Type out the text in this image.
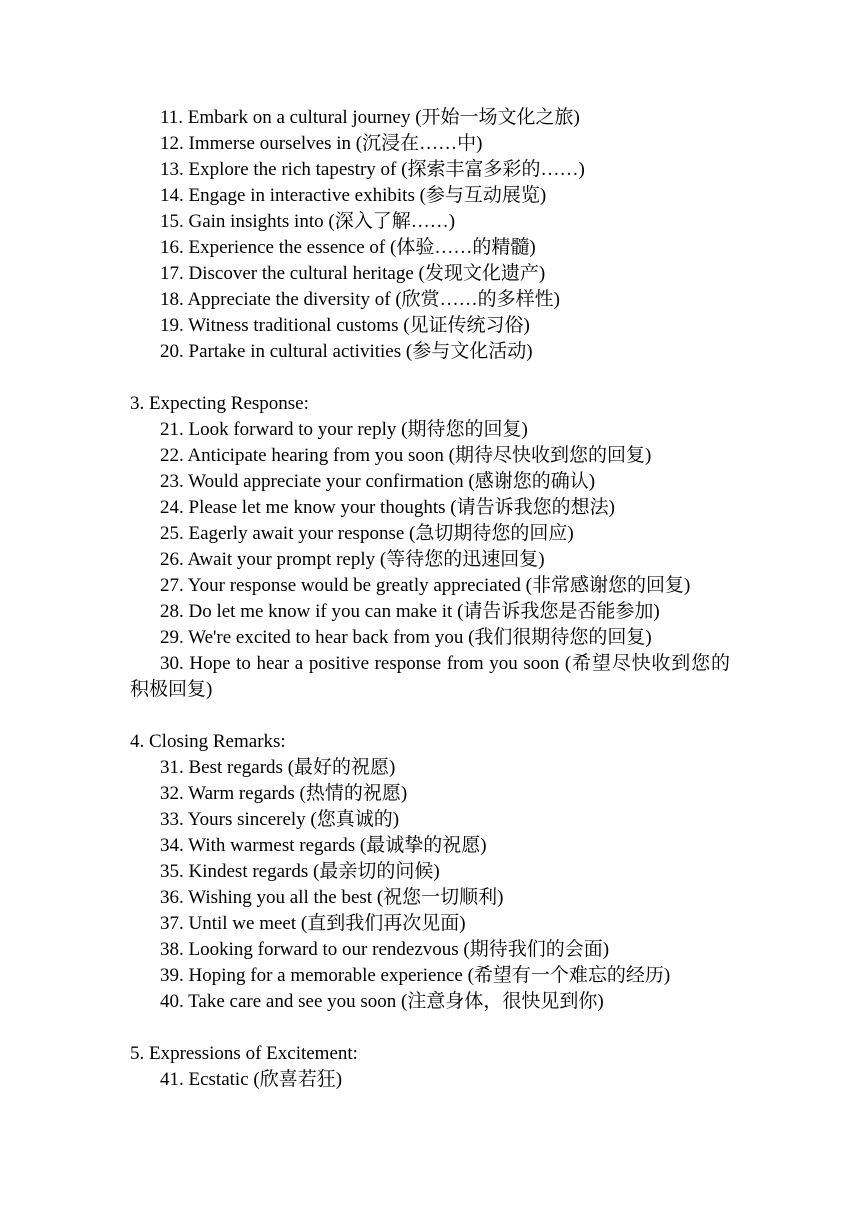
11. Embark on a cultural journey (开始一场文化之旅)
12. Immerse ourselves in (沉浸在……中)
13. Explore the rich tapestry of (探索丰富多彩的……)
14. Engage in interactive exhibits (参与互动展览)
15. Gain insights into (深入了解……)
16. Experience the essence of (体验……的精髓)
17. Discover the cultural heritage (发现文化遗产)
18. Appreciate the diversity of (欣赏……的多样性)
19. Witness traditional customs (见证传统习俗)
20. Partake in cultural activities (参与文化活动)
3. Expecting Response:
21. Look forward to your reply (期待您的回复)
22. Anticipate hearing from you soon (期待尽快收到您的回复)
23. Would appreciate your confirmation (感谢您的确认)
24. Please let me know your thoughts (请告诉我您的想法)
25. Eagerly await your response (急切期待您的回应)
26. Await your prompt reply (等待您的迅速回复)
27. Your response would be greatly appreciated (非常感谢您的回复)
28. Do let me know if you can make it (请告诉我您是否能参加)
29. We're excited to hear back from you (我们很期待您的回复)
30. Hope to hear a positive response from you soon (希望尽快收到您的积极回复)
4. Closing Remarks:
31. Best regards (最好的祝愿)
32. Warm regards (热情的祝愿)
33. Yours sincerely (您真诚的)
34. With warmest regards (最诚挚的祝愿)
35. Kindest regards (最亲切的问候)
36. Wishing you all the best (祝您一切顺利)
37. Until we meet (直到我们再次见面)
38. Looking forward to our rendezvous (期待我们的会面)
39. Hoping for a memorable experience (希望有一个难忘的经历)
40. Take care and see you soon (注意身体，很快见到你)
5. Expressions of Excitement:
41. Ecstatic (欣喜若狂)
